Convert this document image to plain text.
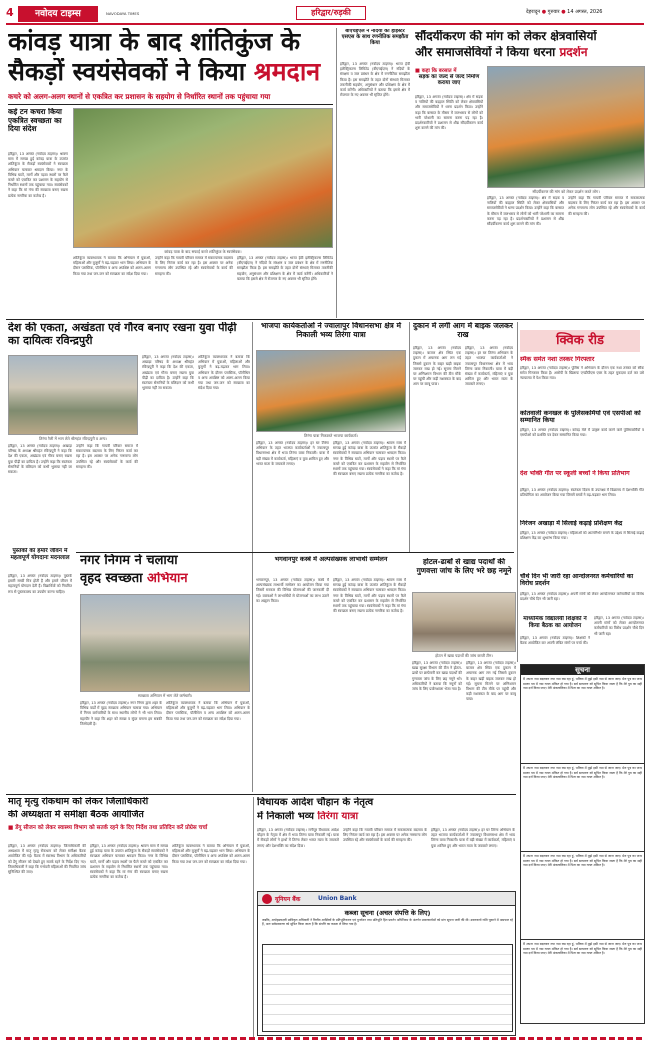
4	नवोदय टाइम्स	NAVODAYA TIMES	हरिद्वार/रुड़की	देहरादून ● गुरुवार ● 14 अगस्त, 2026
कांवड़ यात्रा के बाद शांतिकुंज के
सैकड़ों स्वयंसेवकों ने किया श्रमदान
कचरे को अलग-अलग स्थानों से एकत्रित कर प्रशासन के सहयोग से निर्धारित स्थानों तक पहुंचाया गया
कई टन कचरा किया एकत्रित स्वच्छता का दिया संदेश
हरिद्वार, 13 अगस्त (नवोदय टाइम्स)। श्रावण मास में सम्पन्न हुई कांवड़ यात्रा के उपरांत शांतिकुंज के सैकड़ों स्वयंसेवकों ने स्वच्छता अभियान चलाकर श्रमदान किया। नगर के विभिन्न घाटों, मार्गों और पड़ाव स्थलों पर फैले कचरे को एकत्रित कर प्रशासन के सहयोग से निर्धारित स्थानों तक पहुंचाया गया। स्वयंसेवकों ने कहा कि मां गंगा की स्वच्छता बनाए रखना प्रत्येक नागरिक का कर्तव्य है।
कांवड़ यात्रा के बाद सफाई करते शांतिकुंज के स्वयंसेवक।
शांतिकुंज व्यवस्थापक ने बताया कि अभियान में युवाओं, महिलाओं और बुजुर्गों ने बढ़-चढ़कर भाग लिया। अभियान के दौरान प्लास्टिक, पॉलीथिन व अन्य अपशिष्ट को अलग-अलग किया गया तथा जन-जन को स्वच्छता का संदेश दिया गया।
उन्होंने कहा कि गायत्री परिवार समाज में सकारात्मक बदलाव के लिए निरंतर कार्य कर रहा है। इस अवसर पर अनेक गणमान्य लोग उपस्थित रहे और स्वयंसेवकों के कार्य की सराहना की।
हरिद्वार, 13 अगस्त (नवोदय टाइम्स)। भारत हेवी इलेक्ट्रिकल्स लिमिटेड (बीएचईएल) ने नदियों के संरक्षण व जल प्रबंधन के क्षेत्र में रणनीतिक समझौता किया है। इस समझौते के तहत दोनों संस्थाएं मिलकर तकनीकी सहयोग, अनुसंधान और प्रशिक्षण के क्षेत्र में कार्य करेंगी। अधिकारियों ने बताया कि इससे क्षेत्र में रोजगार के नए अवसर भी सृजित होंगे।
बीएचईएल ने नदियों की हाइस्टर एसएस के साथ रणनीतिक समझौता किया
हरिद्वार, 13 अगस्त (नवोदय टाइम्स)। भारत हेवी इलेक्ट्रिकल्स लिमिटेड (बीएचईएल) ने नदियों के संरक्षण व जल प्रबंधन के क्षेत्र में रणनीतिक समझौता किया है। इस समझौते के तहत दोनों संस्थाएं मिलकर तकनीकी सहयोग, अनुसंधान और प्रशिक्षण के क्षेत्र में कार्य करेंगी। अधिकारियों ने बताया कि इससे क्षेत्र में रोजगार के नए अवसर भी सृजित होंगे।
सौंदर्यीकरण की मांग को लेकर क्षेत्रवासियों
और समाजसेवियों ने किया धरना प्रदर्शन
■ कहा कि बरसात में
सड़क का जल्द से जल्द निर्माण कराया जाए
हरिद्वार, 13 अगस्त (नवोदय टाइम्स)। क्षेत्र में सड़क व नालियों की बदहाल स्थिति को लेकर क्षेत्रवासियों और समाजसेवियों ने धरना प्रदर्शन किया। उन्होंने कहा कि बरसात के मौसम में जलभराव से लोगों को भारी परेशानी का सामना करना पड़ रहा है। प्रदर्शनकारियों ने प्रशासन से शीघ्र सौंदर्यीकरण कार्य शुरू कराने की मांग की।
सौंदर्यीकरण की मांग को लेकर प्रदर्शन करते लोग।
हरिद्वार, 13 अगस्त (नवोदय टाइम्स)। क्षेत्र में सड़क व नालियों की बदहाल स्थिति को लेकर क्षेत्रवासियों और समाजसेवियों ने धरना प्रदर्शन किया। उन्होंने कहा कि बरसात के मौसम में जलभराव से लोगों को भारी परेशानी का सामना करना पड़ रहा है। प्रदर्शनकारियों ने प्रशासन से शीघ्र सौंदर्यीकरण कार्य शुरू कराने की मांग की।
उन्होंने कहा कि गायत्री परिवार समाज में सकारात्मक बदलाव के लिए निरंतर कार्य कर रहा है। इस अवसर पर अनेक गणमान्य लोग उपस्थित रहे और स्वयंसेवकों के कार्य की सराहना की।
देश की एकता, अखंडता एवं गौरव बनाए रखना युवा पीढ़ी का दायित्वः रविन्द्रपुरी
तिरंगा रैली में भाग लेते श्रीमहंत रविन्द्रपुरी व अन्य।
हरिद्वार, 13 अगस्त (नवोदय टाइम्स)। अखाड़ा परिषद के अध्यक्ष श्रीमहंत रविन्द्रपुरी ने कहा कि देश की एकता, अखंडता एवं गौरव बनाए रखना युवा पीढ़ी का दायित्व है। उन्होंने कहा कि स्वतंत्रता सेनानियों के बलिदान को कभी भुलाया नहीं जा सकता।
शांतिकुंज व्यवस्थापक ने बताया कि अभियान में युवाओं, महिलाओं और बुजुर्गों ने बढ़-चढ़कर भाग लिया। अभियान के दौरान प्लास्टिक, पॉलीथिन व अन्य अपशिष्ट को अलग-अलग किया गया तथा जन-जन को स्वच्छता का संदेश दिया गया।
हरिद्वार, 13 अगस्त (नवोदय टाइम्स)। अखाड़ा परिषद के अध्यक्ष श्रीमहंत रविन्द्रपुरी ने कहा कि देश की एकता, अखंडता एवं गौरव बनाए रखना युवा पीढ़ी का दायित्व है। उन्होंने कहा कि स्वतंत्रता सेनानियों के बलिदान को कभी भुलाया नहीं जा सकता।
उन्होंने कहा कि गायत्री परिवार समाज में सकारात्मक बदलाव के लिए निरंतर कार्य कर रहा है। इस अवसर पर अनेक गणमान्य लोग उपस्थित रहे और स्वयंसेवकों के कार्य की सराहना की।
पुस्तकों का हमारे जीवन में महत्वपूर्ण योगदानः मदनलाल
हरिद्वार, 13 अगस्त (नवोदय टाइम्स)। पुस्तकें हमारी सच्ची मित्र होती हैं और हमारे जीवन में महत्वपूर्ण योगदान देती हैं। विद्यार्थियों को नियमित रूप से पुस्तकालय का उपयोग करना चाहिए।
भाजपा कार्यकर्ताओं ने ज्वालापुर विधानसभा क्षेत्र में निकाली भव्य तिरंगा यात्रा
तिरंगा यात्रा निकालते भाजपा कार्यकर्ता।
हरिद्वार, 13 अगस्त (नवोदय टाइम्स)। हर घर तिरंगा अभियान के तहत भाजपा कार्यकर्ताओं ने ज्वालापुर विधानसभा क्षेत्र में भव्य तिरंगा यात्रा निकाली। यात्रा में बड़ी संख्या में कार्यकर्ता, महिलाएं व युवा शामिल हुए और भारत माता के जयकारे लगाए।
हरिद्वार, 13 अगस्त (नवोदय टाइम्स)। श्रावण मास में सम्पन्न हुई कांवड़ यात्रा के उपरांत शांतिकुंज के सैकड़ों स्वयंसेवकों ने स्वच्छता अभियान चलाकर श्रमदान किया। नगर के विभिन्न घाटों, मार्गों और पड़ाव स्थलों पर फैले कचरे को एकत्रित कर प्रशासन के सहयोग से निर्धारित स्थानों तक पहुंचाया गया। स्वयंसेवकों ने कहा कि मां गंगा की स्वच्छता बनाए रखना प्रत्येक नागरिक का कर्तव्य है।
दुकान में लगी आग में बाइक जलकर राख
हरिद्वार, 13 अगस्त (नवोदय टाइम्स)। बाजार क्षेत्र स्थित एक दुकान में अचानक आग लग गई जिससे दुकान के बाहर खड़ी बाइक जलकर राख हो गई। सूचना मिलने पर अग्निशमन विभाग की टीम मौके पर पहुंची और कड़ी मशक्कत के बाद आग पर काबू पाया।
हरिद्वार, 13 अगस्त (नवोदय टाइम्स)। हर घर तिरंगा अभियान के तहत भाजपा कार्यकर्ताओं ने ज्वालापुर विधानसभा क्षेत्र में भव्य तिरंगा यात्रा निकाली। यात्रा में बड़ी संख्या में कार्यकर्ता, महिलाएं व युवा शामिल हुए और भारत माता के जयकारे लगाए।
क्विक रीड
स्मैक समेत नशा तस्कर गिरफ्तार
हरिद्वार, 13 अगस्त (नवोदय टाइम्स)। पुलिस ने अभियान के दौरान एक नशा तस्कर को स्मैक समेत गिरफ्तार किया है। आरोपी के खिलाफ एनडीपीएस एक्ट के तहत मुकदमा दर्ज कर उसे न्यायालय में पेश किया गया।
कोतवाली कनखल के पुलिसकर्मियों एवं एसपीओ को सम्मानित किया
हरिद्वार, 13 अगस्त (नवोदय टाइम्स)। कांवड़ मेले में उत्कृष्ट कार्य करने वाले पुलिसकर्मियों व एसपीओ को प्रशस्ति पत्र देकर सम्मानित किया गया।
देश भक्ति गीत पर स्कूली बच्चों ने किया प्रतिभाग
हरिद्वार, 13 अगस्त (नवोदय टाइम्स)। स्वतंत्रता दिवस के उपलक्ष्य में विद्यालय में देशभक्ति गीत प्रतियोगिता का आयोजन किया गया जिसमें बच्चों ने बढ़-चढ़कर भाग लिया।
निरंजन अखाड़ा में सिलाई कढ़ाई प्रशिक्षण केंद्र
हरिद्वार, 13 अगस्त (नवोदय टाइम्स)। महिलाओं को आत्मनिर्भर बनाने के उद्देश्य से सिलाई कढ़ाई प्रशिक्षण केंद्र का शुभारंभ किया गया।
चौथे दिन भी जारी रहा आन्दोलनरत कर्मचारियों का विरोध प्रदर्शन
हरिद्वार, 13 अगस्त (नवोदय टाइम्स)। अपनी मांगों को लेकर आन्दोलनरत कर्मचारियों का विरोध प्रदर्शन चौथे दिन भी जारी रहा।
माध्यमिक विद्यालयी शिक्षकों ने किया बैठक का आयोजन
हरिद्वार, 13 अगस्त (नवोदय टाइम्स)। शिक्षकों ने बैठक आयोजित कर अपनी लंबित मांगों पर चर्चा की।
हरिद्वार, 13 अगस्त (नवोदय टाइम्स)। अपनी मांगों को लेकर आन्दोलनरत कर्मचारियों का विरोध प्रदर्शन चौथे दिन भी जारी रहा।
नगर निगम ने चलाया
वृहद स्वच्छता अभियान
स्वच्छता अभियान में भाग लेते कर्मचारी।
हरिद्वार, 13 अगस्त (नवोदय टाइम्स)। नगर निगम द्वारा शहर के विभिन्न वार्डों में वृहद स्वच्छता अभियान चलाया गया। अभियान में निगम कर्मचारियों के साथ स्थानीय लोगों ने भी भाग लिया। महापौर ने कहा कि शहर को स्वच्छ व सुंदर बनाना हम सबकी जिम्मेदारी है।
शांतिकुंज व्यवस्थापक ने बताया कि अभियान में युवाओं, महिलाओं और बुजुर्गों ने बढ़-चढ़कर भाग लिया। अभियान के दौरान प्लास्टिक, पॉलीथिन व अन्य अपशिष्ट को अलग-अलग किया गया तथा जन-जन को स्वच्छता का संदेश दिया गया।
भगवानपुर कस्बे में अल्पसंख्यक लाभार्थी सम्मेलन
भगवानपुर, 13 अगस्त (नवोदय टाइम्स)। कस्बे में अल्पसंख्यक लाभार्थी सम्मेलन का आयोजन किया गया जिसमें सरकार की विभिन्न योजनाओं की जानकारी दी गई। वक्ताओं ने लाभार्थियों से योजनाओं का लाभ उठाने का आह्वान किया।
हरिद्वार, 13 अगस्त (नवोदय टाइम्स)। श्रावण मास में सम्पन्न हुई कांवड़ यात्रा के उपरांत शांतिकुंज के सैकड़ों स्वयंसेवकों ने स्वच्छता अभियान चलाकर श्रमदान किया। नगर के विभिन्न घाटों, मार्गों और पड़ाव स्थलों पर फैले कचरे को एकत्रित कर प्रशासन के सहयोग से निर्धारित स्थानों तक पहुंचाया गया। स्वयंसेवकों ने कहा कि मां गंगा की स्वच्छता बनाए रखना प्रत्येक नागरिक का कर्तव्य है।
होटल-ढाबों से खाद्य पदार्थों की गुणवत्ता जांच के लिए भरे छह नमूने
होटल में खाद्य पदार्थों की जांच करती टीम।
हरिद्वार, 13 अगस्त (नवोदय टाइम्स)। खाद्य सुरक्षा विभाग की टीम ने होटल-ढाबों पर छापेमारी कर खाद्य पदार्थों की गुणवत्ता जांच के लिए छह नमूने भरे। अधिकारियों ने बताया कि नमूनों को जांच के लिए प्रयोगशाला भेजा गया है।
हरिद्वार, 13 अगस्त (नवोदय टाइम्स)। बाजार क्षेत्र स्थित एक दुकान में अचानक आग लग गई जिससे दुकान के बाहर खड़ी बाइक जलकर राख हो गई। सूचना मिलने पर अग्निशमन विभाग की टीम मौके पर पहुंची और कड़ी मशक्कत के बाद आग पर काबू पाया।
सूचना
मैं अपना नाम बदलकर नया नाम रख रहा हूं, भविष्य में मुझे इसी नाम से जाना जाए। मेरा पुत्र का जन्म प्रमाण पत्र में नाम गलत अंकित हो गया है। सर्व साधारण को सूचित किया जाता है कि मेरे पुत्र का सही नाम दर्ज किया जाए। मेरी अंकतालिका में पिता का नाम गलत अंकित है।
मैं अपना नाम बदलकर नया नाम रख रहा हूं, भविष्य में मुझे इसी नाम से जाना जाए। मेरा पुत्र का जन्म प्रमाण पत्र में नाम गलत अंकित हो गया है। सर्व साधारण को सूचित किया जाता है कि मेरे पुत्र का सही नाम दर्ज किया जाए। मेरी अंकतालिका में पिता का नाम गलत अंकित है।
मैं अपना नाम बदलकर नया नाम रख रहा हूं, भविष्य में मुझे इसी नाम से जाना जाए। मेरा पुत्र का जन्म प्रमाण पत्र में नाम गलत अंकित हो गया है। सर्व साधारण को सूचित किया जाता है कि मेरे पुत्र का सही नाम दर्ज किया जाए। मेरी अंकतालिका में पिता का नाम गलत अंकित है।
मैं अपना नाम बदलकर नया नाम रख रहा हूं, भविष्य में मुझे इसी नाम से जाना जाए। मेरा पुत्र का जन्म प्रमाण पत्र में नाम गलत अंकित हो गया है। सर्व साधारण को सूचित किया जाता है कि मेरे पुत्र का सही नाम दर्ज किया जाए। मेरी अंकतालिका में पिता का नाम गलत अंकित है।
मातृ मृत्यु रोकथाम को लेकर जिलाधिकारी
की अध्यक्षता में समीक्षा बैठक आयोजित
■ डेंगू सीजन को लेकर स्वास्थ्य विभाग को सतर्क रहने के दिए निर्देश तथा प्रतिदिन करें प्रोग्रेस चर्चा
हरिद्वार, 13 अगस्त (नवोदय टाइम्स)। जिलाधिकारी की अध्यक्षता में मातृ मृत्यु रोकथाम को लेकर समीक्षा बैठक आयोजित की गई। बैठक में स्वास्थ्य विभाग के अधिकारियों को डेंगू सीजन को देखते हुए सतर्क रहने के निर्देश दिए गए। जिलाधिकारी ने कहा कि गर्भवती महिलाओं की नियमित जांच सुनिश्चित की जाए।
हरिद्वार, 13 अगस्त (नवोदय टाइम्स)। श्रावण मास में सम्पन्न हुई कांवड़ यात्रा के उपरांत शांतिकुंज के सैकड़ों स्वयंसेवकों ने स्वच्छता अभियान चलाकर श्रमदान किया। नगर के विभिन्न घाटों, मार्गों और पड़ाव स्थलों पर फैले कचरे को एकत्रित कर प्रशासन के सहयोग से निर्धारित स्थानों तक पहुंचाया गया। स्वयंसेवकों ने कहा कि मां गंगा की स्वच्छता बनाए रखना प्रत्येक नागरिक का कर्तव्य है।
शांतिकुंज व्यवस्थापक ने बताया कि अभियान में युवाओं, महिलाओं और बुजुर्गों ने बढ़-चढ़कर भाग लिया। अभियान के दौरान प्लास्टिक, पॉलीथिन व अन्य अपशिष्ट को अलग-अलग किया गया तथा जन-जन को स्वच्छता का संदेश दिया गया।
विधायक आदेश चौहान के नेतृत्व
में निकाली भव्य तिरंगा यात्रा
हरिद्वार, 13 अगस्त (नवोदय टाइम्स)। रानीपुर विधायक आदेश चौहान के नेतृत्व में क्षेत्र में भव्य तिरंगा यात्रा निकाली गई। यात्रा में सैकड़ों लोगों ने हाथों में तिरंगा लेकर भारत माता के जयकारे लगाए और देशभक्ति का संदेश दिया।
उन्होंने कहा कि गायत्री परिवार समाज में सकारात्मक बदलाव के लिए निरंतर कार्य कर रहा है। इस अवसर पर अनेक गणमान्य लोग उपस्थित रहे और स्वयंसेवकों के कार्य की सराहना की।
हरिद्वार, 13 अगस्त (नवोदय टाइम्स)। हर घर तिरंगा अभियान के तहत भाजपा कार्यकर्ताओं ने ज्वालापुर विधानसभा क्षेत्र में भव्य तिरंगा यात्रा निकाली। यात्रा में बड़ी संख्या में कार्यकर्ता, महिलाएं व युवा शामिल हुए और भारत माता के जयकारे लगाए।
यूनियन बैंक	Union Bank
कब्जा सूचना (अचल संपत्ति के लिए)
जबकि, अधोहस्ताक्षरी प्राधिकृत अधिकारी ने वित्तीय आस्तियों के प्रतिभूतिकरण एवं पुनर्गठन तथा प्रतिभूति हित प्रवर्तन अधिनियम के अंतर्गत उधारकर्ताओं को मांग सूचना जारी की थी। उधारकर्ता राशि चुकाने में असफल रहे हैं, अतः सर्वसाधारण को सूचित किया जाता है कि संपत्ति का कब्जा ले लिया गया है।
